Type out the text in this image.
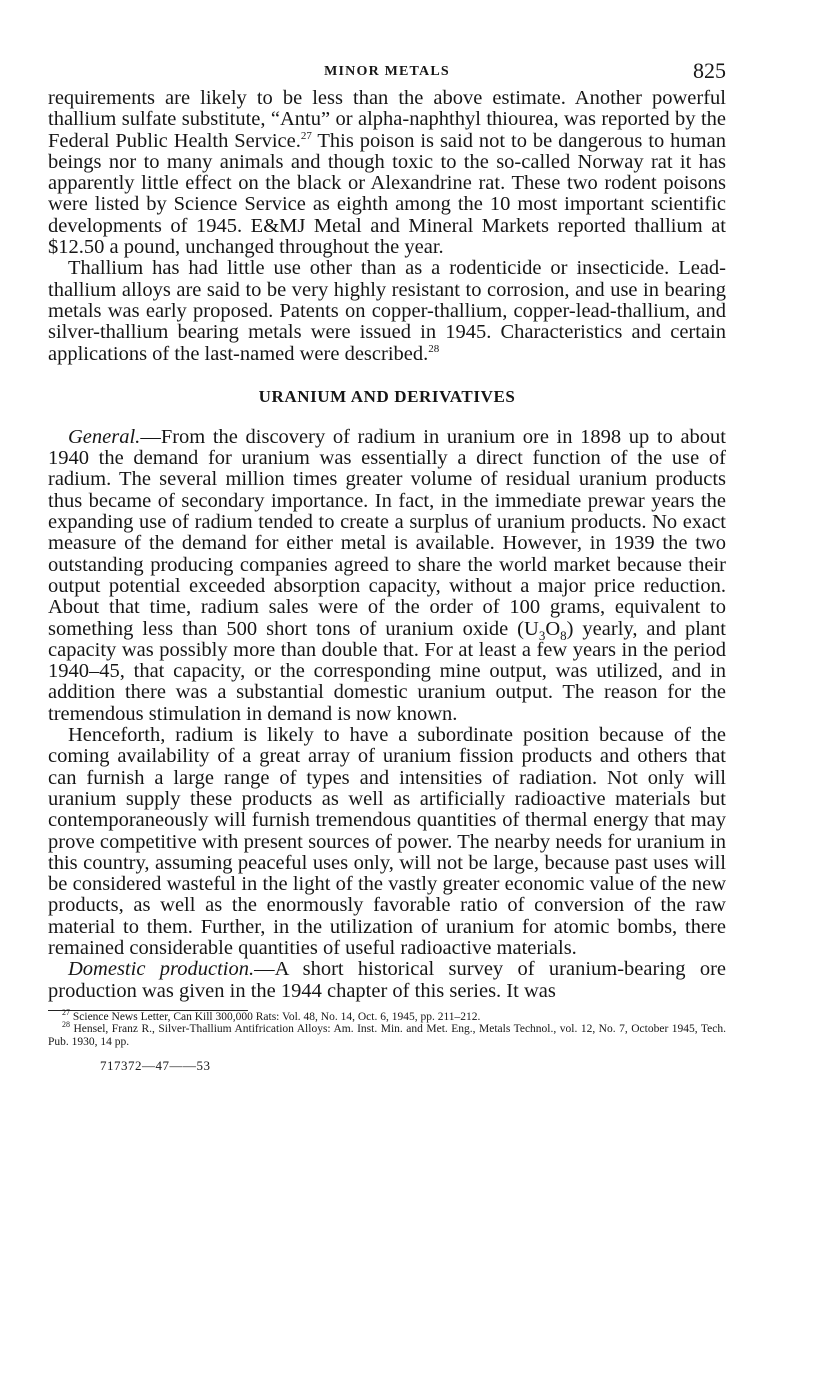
MINOR METALS	825

requirements are likely to be less than the above estimate. Another powerful thallium sulfate substitute, “Antu” or alpha-naphthyl thiourea, was reported by the Federal Public Health Service.$^{27}$ This poison is said not to be dangerous to human beings nor to many animals and though toxic to the so-called Norway rat it has apparently little effect on the black or Alexandrine rat. These two rodent poisons were listed by Science Service as eighth among the 10 most important scientific developments of 1945. E&MJ Metal and Mineral Markets reported thallium at $12.50 a pound, unchanged throughout the year.

Thallium has had little use other than as a rodenticide or insecticide. Lead-thallium alloys are said to be very highly resistant to corrosion, and use in bearing metals was early proposed. Patents on copper-thallium, copper-lead-thallium, and silver-thallium bearing metals were issued in 1945. Characteristics and certain applications of the last-named were described.$^{28}$

URANIUM AND DERIVATIVES

General.—From the discovery of radium in uranium ore in 1898 up to about 1940 the demand for uranium was essentially a direct function of the use of radium. The several million times greater volume of residual uranium products thus became of secondary importance. In fact, in the immediate prewar years the expanding use of radium tended to create a surplus of uranium products. No exact measure of the demand for either metal is available. However, in 1939 the two outstanding producing companies agreed to share the world market because their output potential exceeded absorption capacity, without a major price reduction. About that time, radium sales were of the order of 100 grams, equivalent to something less than 500 short tons of uranium oxide $(U_3O_8)$ yearly, and plant capacity was possibly more than double that. For at least a few years in the period 1940–45, that capacity, or the corresponding mine output, was utilized, and in addition there was a substantial domestic uranium output. The reason for the tremendous stimulation in demand is now known.

Henceforth, radium is likely to have a subordinate position because of the coming availability of a great array of uranium fission products and others that can furnish a large range of types and intensities of radiation. Not only will uranium supply these products as well as artificially radioactive materials but contemporaneously will furnish tremendous quantities of thermal energy that may prove competitive with present sources of power. The nearby needs for uranium in this country, assuming peaceful uses only, will not be large, because past uses will be considered wasteful in the light of the vastly greater economic value of the new products, as well as the enormously favorable ratio of conversion of the raw material to them. Further, in the utilization of uranium for atomic bombs, there remained considerable quantities of useful radioactive materials.

Domestic production.—A short historical survey of uranium-bearing ore production was given in the 1944 chapter of this series. It was

$^{27}$ Science News Letter, Can Kill 300,000 Rats: Vol. 48, No. 14, Oct. 6, 1945, pp. 211–212.

$^{28}$ Hensel, Franz R., Silver-Thallium Antifrication Alloys: Am. Inst. Min. and Met. Eng., Metals Technol., vol. 12, No. 7, October 1945, Tech. Pub. 1930, 14 pp.

717372—47——53
